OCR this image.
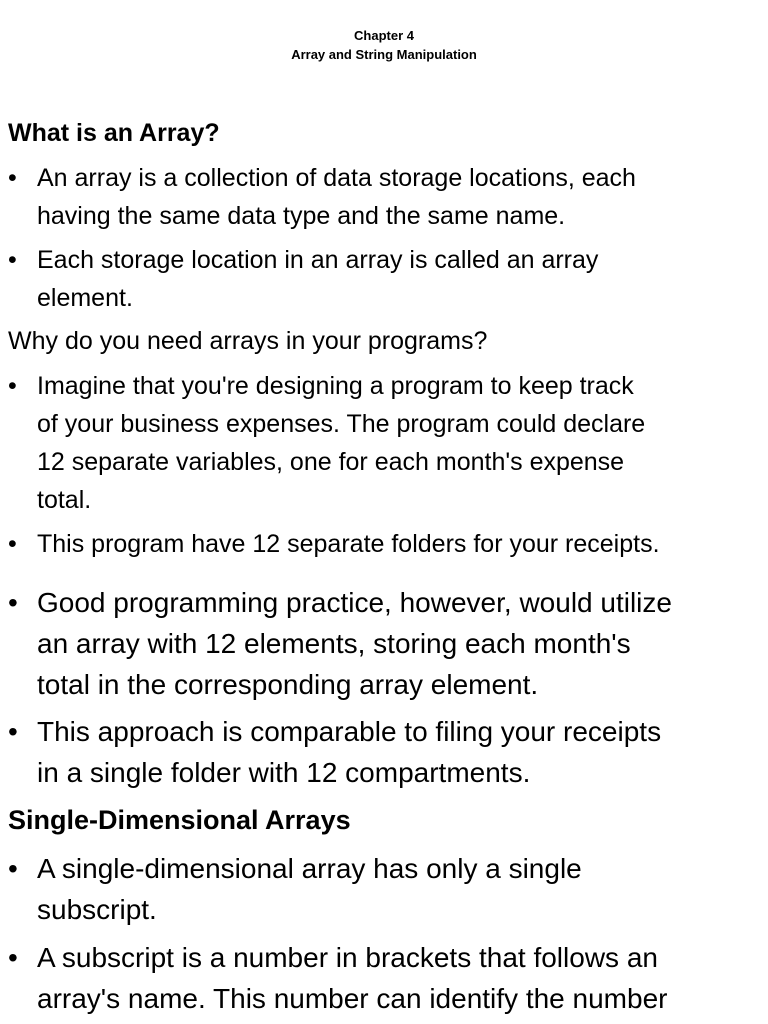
Chapter 4
Array and String Manipulation
What is an Array?
• An array is a collection of data storage locations, each
having the same data type and the same name.
• Each storage location in an array is called an array
element.
Why do you need arrays in your programs?
• Imagine that you're designing a program to keep track
of your business expenses. The program could declare
12 separate variables, one for each month's expense
total.
• This program have 12 separate folders for your receipts.
• Good programming practice, however, would utilize
an array with 12 elements, storing each month's
total in the corresponding array element.
• This approach is comparable to filing your receipts
in a single folder with 12 compartments.
Single-Dimensional Arrays
• A single-dimensional array has only a single
subscript.
• A subscript is a number in brackets that follows an
array's name. This number can identify the number
